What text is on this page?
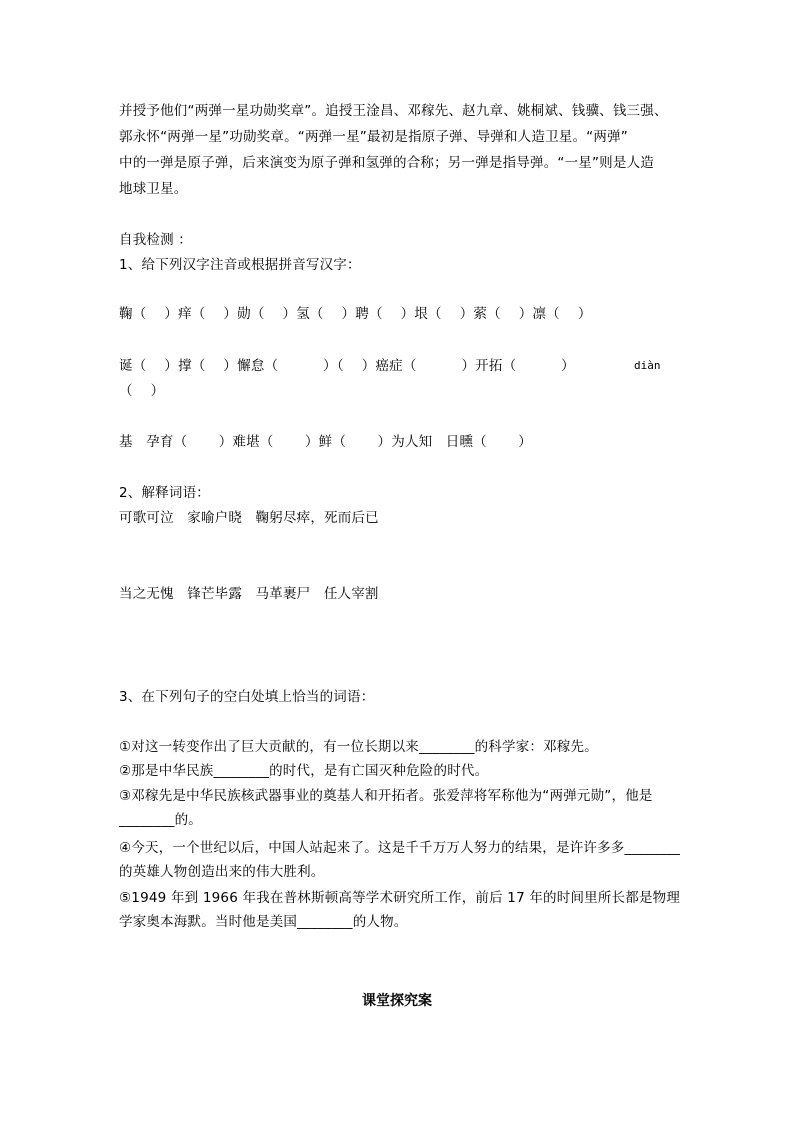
并授予他们“两弹一星功勋奖章”。追授王淦昌、邓稼先、赵九章、姚桐斌、钱骥、钱三强、
郭永怀“两弹一星”功勋奖章。“两弹一星”最初是指原子弹、导弹和人造卫星。“两弹”
中的一弹是原子弹，后来演变为原子弹和氢弹的合称；另一弹是指导弹。“一星”则是人造
地球卫星。
自我检测 ：
1、给下列汉字注音或根据拼音写汉字：
鞠（    ）痒（    ）勋（    ）氢（    ）聘（    ）垠（    ）萦（    ）凛（    ）
诞（    ）撑（    ）懈怠（          ）（    ）癌症（          ）开拓（          ）	diàn
（    ）
基   孕育（       ）难堪（       ）鲜（       ）为人知   日曛（       ）
2、解释词语：
可歌可泣   家喻户晓   鞠躬尽瘁，死而后已
当之无愧   锋芒毕露   马革裹尸   任人宰割
3、在下列句子的空白处填上恰当的词语：
①对这一转变作出了巨大贡献的，有一位长期以来________的科学家：邓稼先。
②那是中华民族________的时代，是有亡国灭种危险的时代。
③邓稼先是中华民族核武器事业的奠基人和开拓者。张爱萍将军称他为“两弹元勋”，他是
________的。
④今天，一个世纪以后，中国人站起来了。这是千千万万人努力的结果，是许许多多________
的英雄人物创造出来的伟大胜利。
⑤1949 年到 1966 年我在普林斯顿高等学术研究所工作，前后 17 年的时间里所长都是物理
学家奥本海默。当时他是美国________的人物。
课堂探究案
